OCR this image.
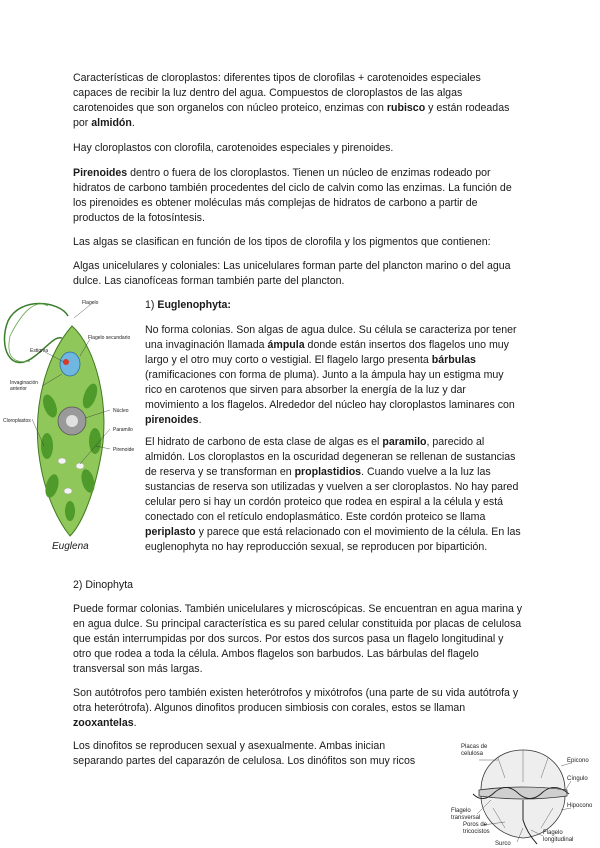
Características de cloroplastos: diferentes tipos de clorofilas + carotenoides especiales capaces de recibir la luz dentro del agua. Compuestos de cloroplastos de las algas carotenoides que son organelos con núcleo proteico, enzimas con rubisco y están rodeadas por almidón.

Hay cloroplastos con clorofila, carotenoides especiales y pirenoides.

Pirenoides dentro o fuera de los cloroplastos. Tienen un núcleo de enzimas rodeado por hidratos de carbono también procedentes del ciclo de calvin como las enzimas. La función de los pirenoides es obtener moléculas más complejas de hidratos de carbono a partir de productos de la fotosíntesis.

Las algas se clasifican en función de los tipos de clorofila y los pigmentos que contienen:

Algas unicelulares y coloniales: Las unicelulares forman parte del plancton marino o del agua dulce. Las cianofíceas forman también parte del plancton.

Flagelo
Flagelo secundario
Estigma
Invaginación
anterior
Núcleo
Paramilo
Cloroplastos
Pirenoide
Euglena

1) Euglenophyta:

No forma colonias. Son algas de agua dulce. Su célula se caracteriza por tener una invaginación llamada ámpula donde están insertos dos flagelos uno muy largo y el otro muy corto o vestigial. El flagelo largo presenta bárbulas (ramificaciones con forma de pluma). Junto a la ámpula hay un estigma muy rico en carotenos que sirven para absorber la energía de la luz y dar movimiento a los flagelos. Alrededor del núcleo hay cloroplastos laminares con pirenoides.

El hidrato de carbono de esta clase de algas es el paramilo, parecido al almidón. Los cloroplastos en la oscuridad degeneran se rellenan de sustancias de reserva y se transforman en proplastidios. Cuando vuelve a la luz las sustancias de reserva son utilizadas y vuelven a ser cloroplastos. No hay pared celular pero si hay un cordón proteico que rodea en espiral a la célula y está conectado con el retículo endoplasmático. Este cordón proteico se llama periplasto y parece que está relacionado con el movimiento de la célula. En las euglenophyta no hay reproducción sexual, se reproducen por bipartición.

2) Dinophyta

Puede formar colonias. También unicelulares y microscópicas. Se encuentran en agua marina y en agua dulce. Su principal característica es su pared celular constituida por placas de celulosa que están interrumpidas por dos surcos. Por estos dos surcos pasa un flagelo longitudinal y otro que rodea a toda la célula. Ambos flagelos son barbudos. Las bárbulas del flagelo transversal son más largas.

Son autótrofos pero también existen heterótrofos y mixótrofos (una parte de su vida autótrofa y otra heterótrofa). Algunos dinofitos producen simbiosis con corales, estos se llaman zooxantelas.

Los dinofitos se reproducen sexual y asexualmente. Ambas inician separando partes del caparazón de celulosa. Los dinófitos son muy ricos

Placas de
celulosa
Epicono
Cíngulo
Hipocono
Flagelo
transversal
Poros de
tricocistos
Surco
Flagelo
longitudinal
